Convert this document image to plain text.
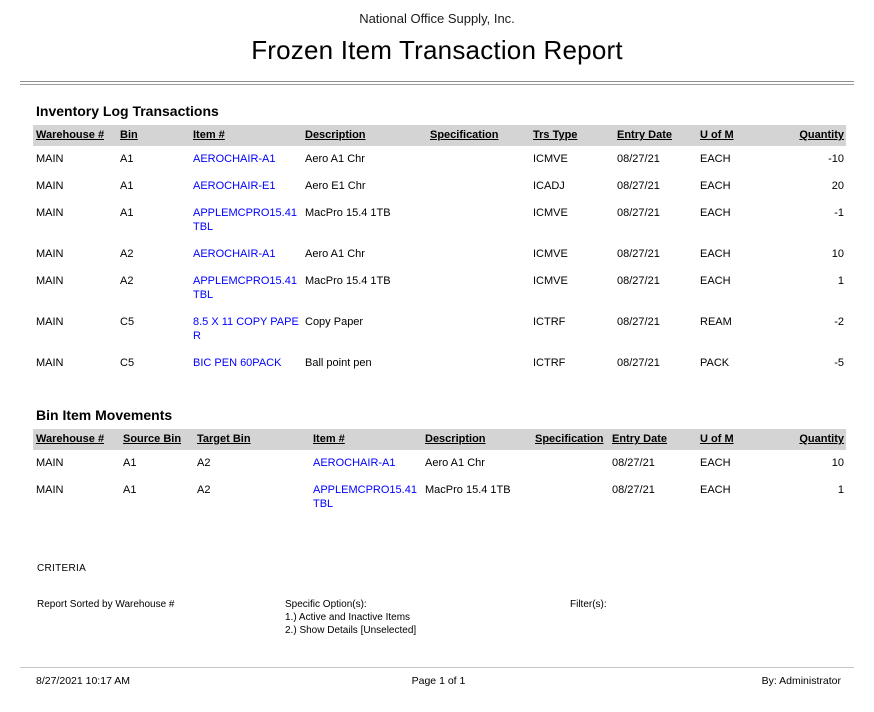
National Office Supply, Inc.
Frozen Item Transaction Report
Inventory Log Transactions
Warehouse #	Bin	Item #	Description	Specification	Trs Type	Entry Date	U of M	Quantity
MAIN	A1	AEROCHAIR-A1	Aero A1 Chr		ICMVE	08/27/21	EACH	-10
MAIN	A1	AEROCHAIR-E1	Aero E1 Chr		ICADJ	08/27/21	EACH	20
MAIN	A1	APPLEMCPRO15.41TBL	MacPro 15.4 1TB		ICMVE	08/27/21	EACH	-1
MAIN	A2	AEROCHAIR-A1	Aero A1 Chr		ICMVE	08/27/21	EACH	10
MAIN	A2	APPLEMCPRO15.41TBL	MacPro 15.4 1TB		ICMVE	08/27/21	EACH	1
MAIN	C5	8.5 X 11 COPY PAPER	Copy Paper		ICTRF	08/27/21	REAM	-2
MAIN	C5	BIC PEN 60PACK	Ball point pen		ICTRF	08/27/21	PACK	-5
Bin Item Movements
Warehouse #	Source Bin	Target Bin	Item #	Description	Specification	Entry Date	U of M	Quantity
MAIN	A1	A2	AEROCHAIR-A1	Aero A1 Chr		08/27/21	EACH	10
MAIN	A1	A2	APPLEMCPRO15.41TBL	MacPro 15.4 1TB		08/27/21	EACH	1
CRITERIA
Report Sorted by Warehouse #	Specific Option(s):
1.) Active and Inactive Items
2.) Show Details [Unselected]
Filter(s):
8/27/2021 10:17 AM	Page 1 of 1	By: Administrator
